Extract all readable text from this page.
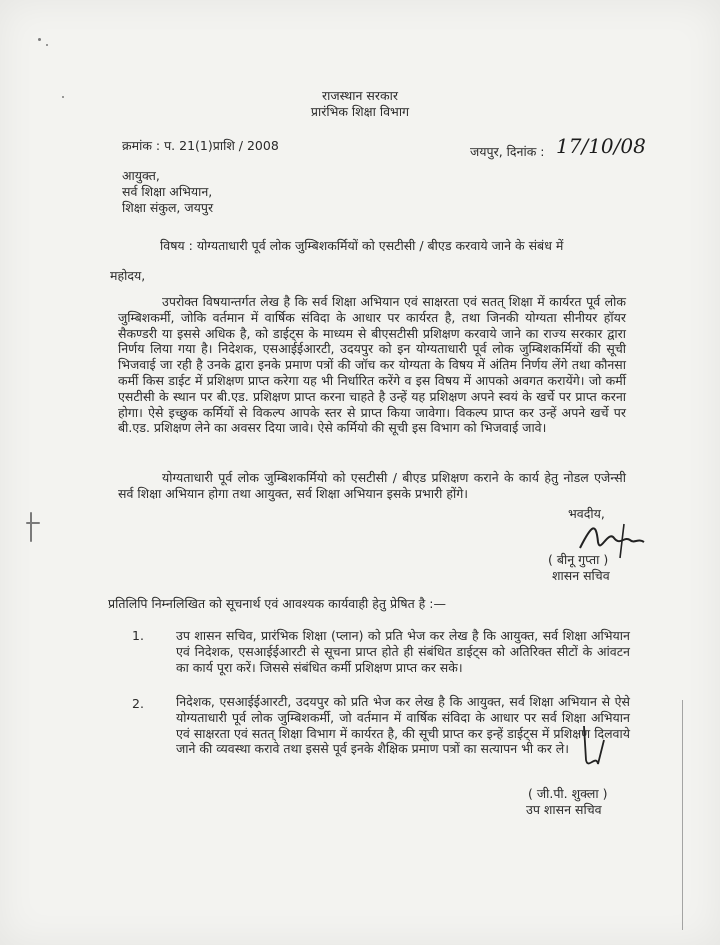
राजस्थान सरकार
प्रारंभिक शिक्षा विभाग
क्रमांक : प. 21(1)प्राशि / 2008	जयपुर, दिनांक : 17/10/08
आयुक्त,
सर्व शिक्षा अभियान,
शिक्षा संकुल, जयपुर
विषय : योग्यताधारी पूर्व लोक जुम्बिशकर्मियों को एसटीसी / बीएड करवाये जाने के संबंध में
महोदय,
उपरोक्त विषयान्तर्गत लेख है कि सर्व शिक्षा अभियान एवं साक्षरता एवं सतत् शिक्षा में कार्यरत पूर्व लोक जुम्बिशकर्मी, जोकि वर्तमान में वार्षिक संविदा के आधार पर कार्यरत है, तथा जिनकी योग्यता सीनीयर हॉयर सैकण्डरी या इससे अधिक है, को डाईट्स के माध्यम से बीएसटीसी प्रशिक्षण करवाये जाने का राज्य सरकार द्वारा निर्णय लिया गया है। निदेशक, एसआईईआरटी, उदयपुर को इन योग्यताधारी पूर्व लोक जुम्बिशकर्मियों की सूची भिजवाई जा रही है उनके द्वारा इनके प्रमाण पत्रों की जॉच कर योग्यता के विषय में अंतिम निर्णय लेंगे तथा कौनसा कर्मी किस डाईट में प्रशिक्षण प्राप्त करेगा यह भी निर्धारित करेंगे व इस विषय में आपको अवगत करायेंगे। जो कर्मी एसटीसी के स्थान पर बी.एड. प्रशिक्षण प्राप्त करना चाहते है उन्हें यह प्रशिक्षण अपने स्वयं के खर्चे पर प्राप्त करना होगा। ऐसे इच्छुक कर्मियों से विकल्प आपके स्तर से प्राप्त किया जावेगा। विकल्प प्राप्त कर उन्हें अपने खर्चे पर बी.एड. प्रशिक्षण लेने का अवसर दिया जावे। ऐसे कर्मियो की सूची इस विभाग को भिजवाई जावे।
योग्यताधारी पूर्व लोक जुम्बिशकर्मियो को एसटीसी / बीएड प्रशिक्षण कराने के कार्य हेतु नोडल एजेन्सी सर्व शिक्षा अभियान होगा तथा आयुक्त, सर्व शिक्षा अभियान इसके प्रभारी होंगे।
भवदीय,
( बीनू गुप्ता )
शासन सचिव
प्रतिलिपि निम्नलिखित को सूचनार्थ एवं आवश्यक कार्यवाही हेतु प्रेषित है :—
1.	उप शासन सचिव, प्रारंभिक शिक्षा (प्लान) को प्रति भेज कर लेख है कि आयुक्त, सर्व शिक्षा अभियान एवं निदेशक, एसआईईआरटी से सूचना प्राप्त होते ही संबंधित डाईट्स को अतिरिक्त सीटों के आंवटन का कार्य पूरा करें। जिससे संबंधित कर्मी प्रशिक्षण प्राप्त कर सके।
2.	निदेशक, एसआईईआरटी, उदयपुर को प्रति भेज कर लेख है कि आयुक्त, सर्व शिक्षा अभियान से ऐसे योग्यताधारी पूर्व लोक जुम्बिशकर्मी, जो वर्तमान में वार्षिक संविदा के आधार पर सर्व शिक्षा अभियान एवं साक्षरता एवं सतत् शिक्षा विभाग में कार्यरत है, की सूची प्राप्त कर इन्हें डाईट्स में प्रशिक्षण दिलवाये जाने की व्यवस्था करावे तथा इससे पूर्व इनके शैक्षिक प्रमाण पत्रों का सत्यापन भी कर ले।
( जी.पी. शुक्ला )
उप शासन सचिव
